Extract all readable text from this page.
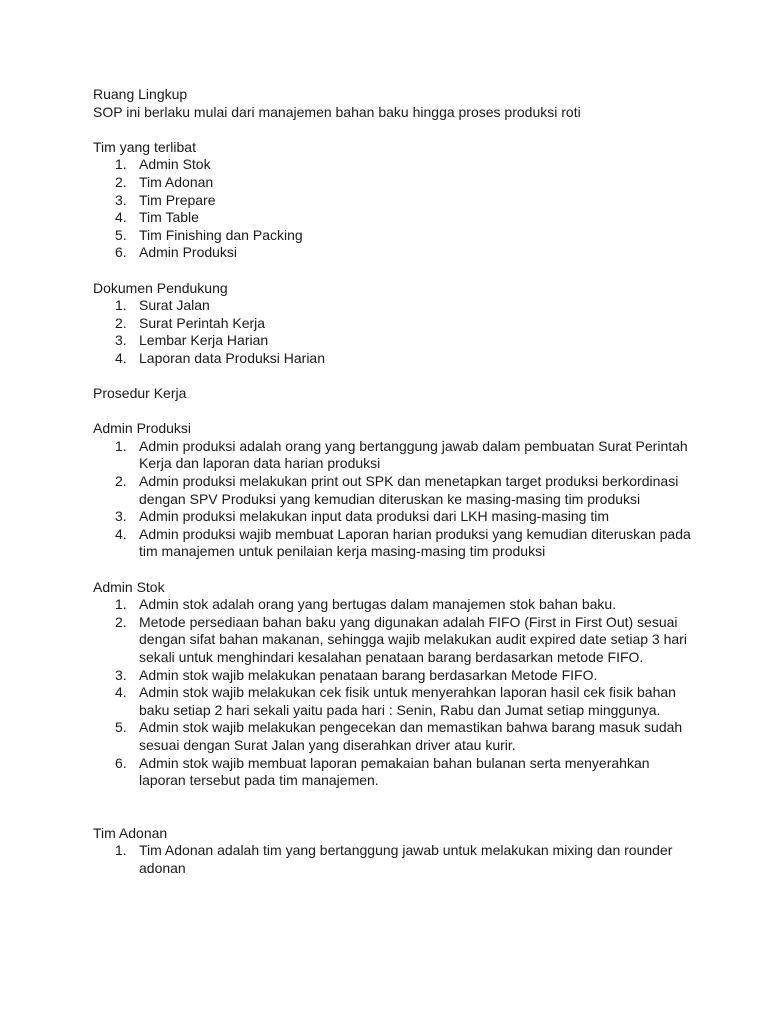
Ruang Lingkup

SOP ini berlaku mulai dari manajemen bahan baku hingga proses produksi roti

Tim yang terlibat

1. Admin Stok
2. Tim Adonan
3. Tim Prepare
4. Tim Table
5. Tim Finishing dan Packing
6. Admin Produksi

Dokumen Pendukung

1. Surat Jalan
2. Surat Perintah Kerja
3. Lembar Kerja Harian
4. Laporan data Produksi Harian

Prosedur Kerja

Admin Produksi

1. Admin produksi adalah orang yang bertanggung jawab dalam pembuatan Surat Perintah Kerja dan laporan data harian produksi
2. Admin produksi melakukan print out SPK dan menetapkan target produksi berkordinasi dengan SPV Produksi yang kemudian diteruskan ke masing-masing tim produksi
3. Admin produksi melakukan input data produksi dari LKH masing-masing tim
4. Admin produksi wajib membuat Laporan harian produksi yang kemudian diteruskan pada tim manajemen untuk penilaian kerja masing-masing tim produksi

Admin Stok

1. Admin stok adalah orang yang bertugas dalam manajemen stok bahan baku.
2. Metode persediaan bahan baku yang digunakan adalah FIFO (First in First Out) sesuai dengan sifat bahan makanan, sehingga wajib melakukan audit expired date setiap 3 hari sekali untuk menghindari kesalahan penataan barang berdasarkan metode FIFO.
3. Admin stok wajib melakukan penataan barang berdasarkan Metode FIFO.
4. Admin stok wajib melakukan cek fisik untuk menyerahkan laporan hasil cek fisik bahan baku setiap 2 hari sekali yaitu pada hari : Senin, Rabu dan Jumat setiap minggunya.
5. Admin stok wajib melakukan pengecekan dan memastikan bahwa barang masuk sudah sesuai dengan Surat Jalan yang diserahkan driver atau kurir.
6. Admin stok wajib membuat laporan pemakaian bahan bulanan serta menyerahkan laporan tersebut pada tim manajemen.

Tim Adonan

1. Tim Adonan adalah tim yang bertanggung jawab untuk melakukan mixing dan rounder adonan
